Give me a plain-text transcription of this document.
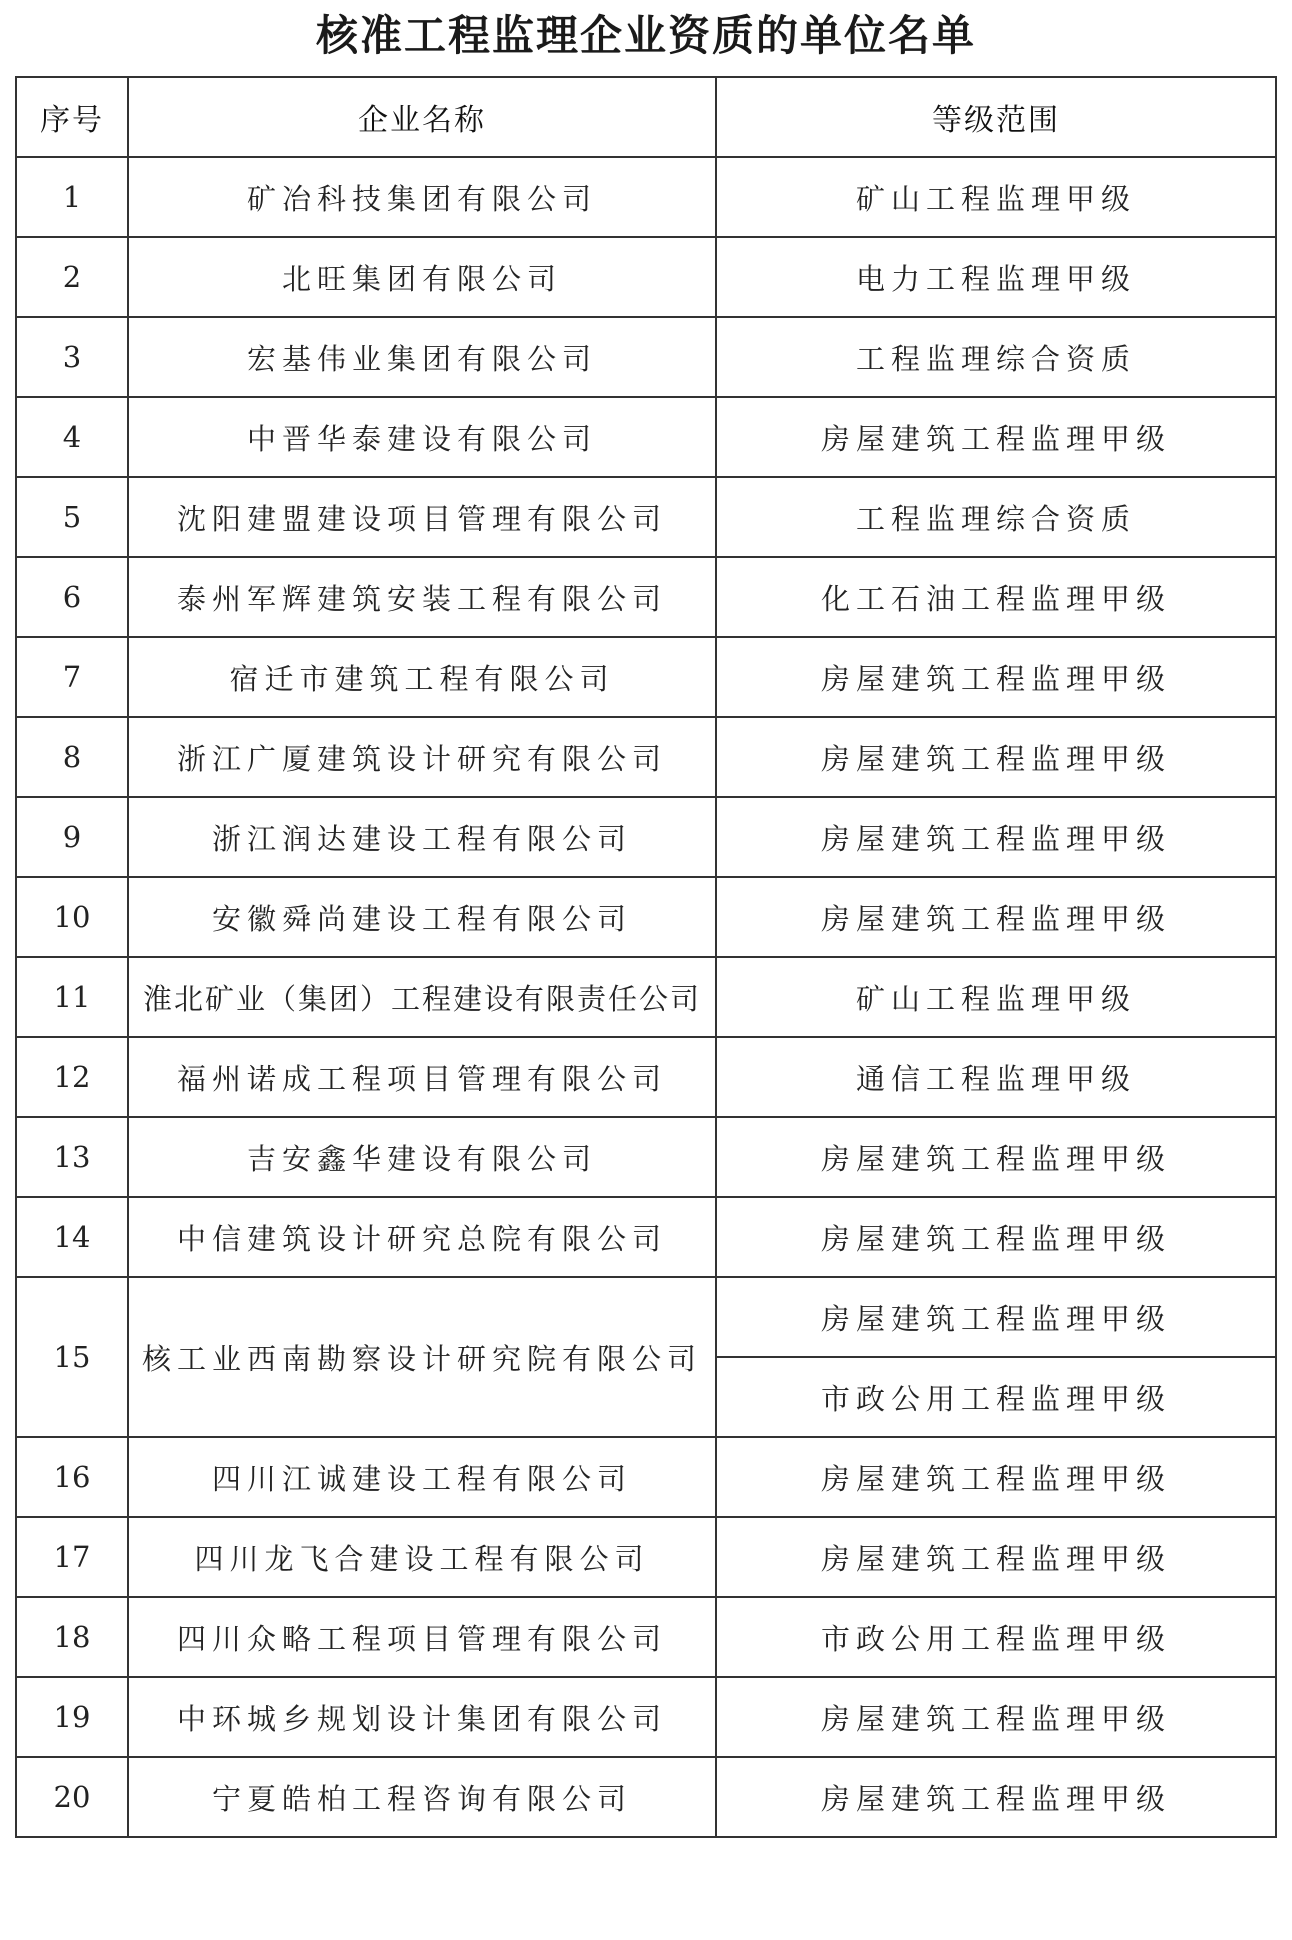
核准工程监理企业资质的单位名单
序号	企业名称	等级范围
1	矿冶科技集团有限公司	矿山工程监理甲级
2	北旺集团有限公司	电力工程监理甲级
3	宏基伟业集团有限公司	工程监理综合资质
4	中晋华泰建设有限公司	房屋建筑工程监理甲级
5	沈阳建盟建设项目管理有限公司	工程监理综合资质
6	泰州军辉建筑安装工程有限公司	化工石油工程监理甲级
7	宿迁市建筑工程有限公司	房屋建筑工程监理甲级
8	浙江广厦建筑设计研究有限公司	房屋建筑工程监理甲级
9	浙江润达建设工程有限公司	房屋建筑工程监理甲级
10	安徽舜尚建设工程有限公司	房屋建筑工程监理甲级
11	淮北矿业（集团）工程建设有限责任公司	矿山工程监理甲级
12	福州诺成工程项目管理有限公司	通信工程监理甲级
13	吉安鑫华建设有限公司	房屋建筑工程监理甲级
14	中信建筑设计研究总院有限公司	房屋建筑工程监理甲级
15	核工业西南勘察设计研究院有限公司	房屋建筑工程监理甲级
		市政公用工程监理甲级
16	四川江诚建设工程有限公司	房屋建筑工程监理甲级
17	四川龙飞合建设工程有限公司	房屋建筑工程监理甲级
18	四川众略工程项目管理有限公司	市政公用工程监理甲级
19	中环城乡规划设计集团有限公司	房屋建筑工程监理甲级
20	宁夏皓柏工程咨询有限公司	房屋建筑工程监理甲级
